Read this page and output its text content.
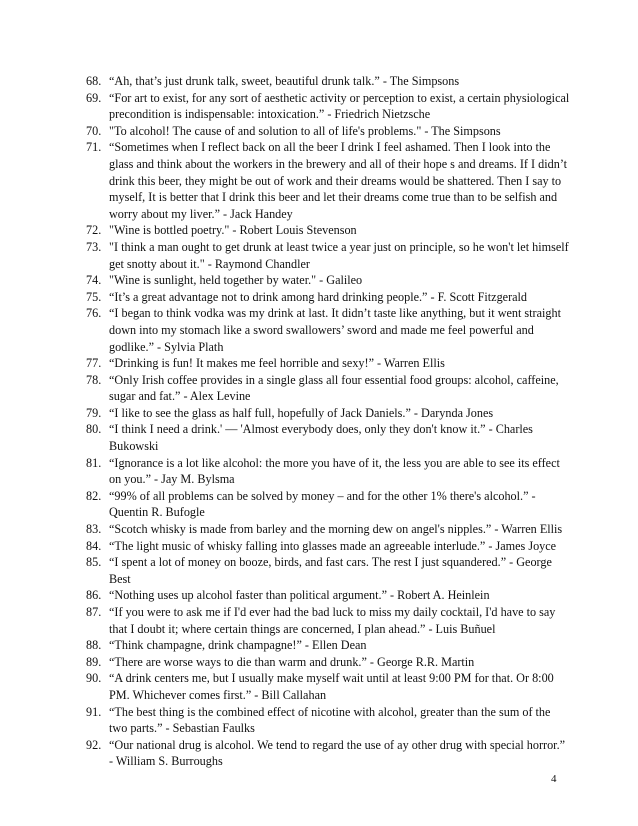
68. “Ah, that’s just drunk talk, sweet, beautiful drunk talk.” - The Simpsons
69. “For art to exist, for any sort of aesthetic activity or perception to exist, a certain physiological precondition is indispensable: intoxication.” - Friedrich Nietzsche
70. "To alcohol! The cause of and solution to all of life's problems." - The Simpsons
71. “Sometimes when I reflect back on all the beer I drink I feel ashamed. Then I look into the glass and think about the workers in the brewery and all of their hope s and dreams. If I didn’t drink this beer, they might be out of work and their dreams would be shattered. Then I say to myself, It is better that I drink this beer and let their dreams come true than to be selfish and worry about my liver.” - Jack Handey
72. "Wine is bottled poetry." - Robert Louis Stevenson
73. "I think a man ought to get drunk at least twice a year just on principle, so he won't let himself get snotty about it." - Raymond Chandler
74. "Wine is sunlight, held together by water." - Galileo
75. “It’s a great advantage not to drink among hard drinking people.” - F. Scott Fitzgerald
76. “I began to think vodka was my drink at last. It didn’t taste like anything, but it went straight down into my stomach like a sword swallowers’ sword and made me feel powerful and godlike.” - Sylvia Plath
77. “Drinking is fun! It makes me feel horrible and sexy!” - Warren Ellis
78. “Only Irish coffee provides in a single glass all four essential food groups: alcohol, caffeine, sugar and fat.” - Alex Levine
79. “I like to see the glass as half full, hopefully of Jack Daniels.” - Darynda Jones
80. “I think I need a drink.' — 'Almost everybody does, only they don't know it.” - Charles Bukowski
81. “Ignorance is a lot like alcohol: the more you have of it, the less you are able to see its effect on you.” - Jay M. Bylsma
82. “99% of all problems can be solved by money – and for the other 1% there's alcohol.” - Quentin R. Bufogle
83. “Scotch whisky is made from barley and the morning dew on angel's nipples.” - Warren Ellis
84. “The light music of whisky falling into glasses made an agreeable interlude.” - James Joyce
85. “I spent a lot of money on booze, birds, and fast cars. The rest I just squandered.” - George Best
86. “Nothing uses up alcohol faster than political argument.” - Robert A. Heinlein
87. “If you were to ask me if I'd ever had the bad luck to miss my daily cocktail, I'd have to say that I doubt it; where certain things are concerned, I plan ahead.” - Luis Buñuel
88. “Think champagne, drink champagne!” - Ellen Dean
89. “There are worse ways to die than warm and drunk.” - George R.R. Martin
90. “A drink centers me, but I usually make myself wait until at least 9:00 PM for that. Or 8:00 PM. Whichever comes first.” - Bill Callahan
91. “The best thing is the combined effect of nicotine with alcohol, greater than the sum of the two parts.” - Sebastian Faulks
92. “Our national drug is alcohol. We tend to regard the use of ay other drug with special horror.” - William S. Burroughs
4
